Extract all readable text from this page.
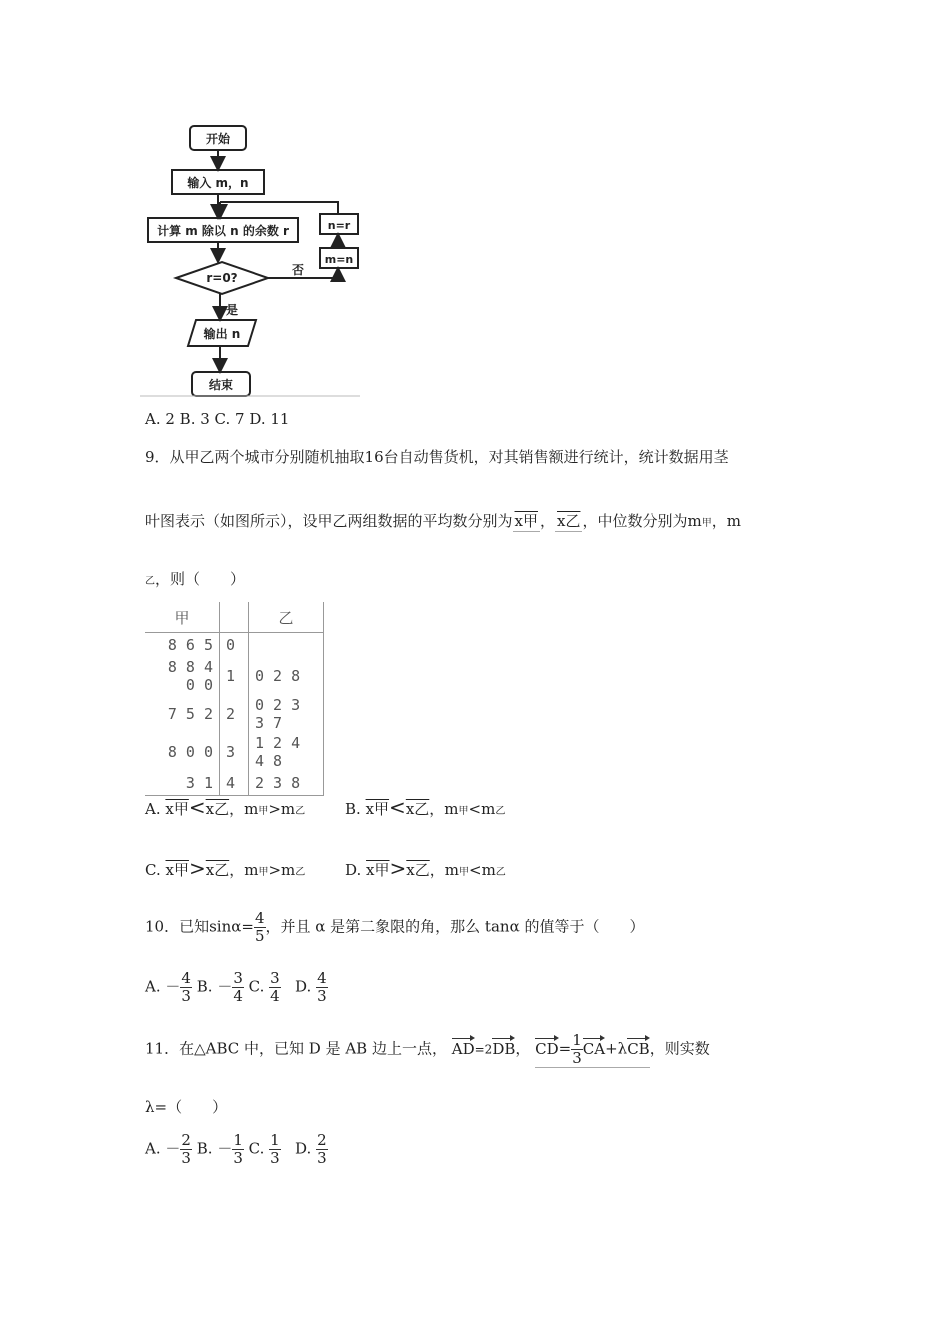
开始
输入 m，n
计算 m 除以 n 的余数 r
r=0?
是
否
输出 n
结束
n=r
m=n
A. 2 B. 3 C. 7 D. 11
9．从甲乙两个城市分别随机抽取16台自动售货机，对其销售额进行统计，统计数据用茎
叶图表示（如图所示），设甲乙两组数据的平均数分别为 x甲 ， x乙 ，中位数分别为m甲，m
乙，则（　　）
甲		乙
8 6 5	0	
8 8 4 0 0	1	0 2 8
7 5 2	2	0 2 3 3 7
8 0 0	3	1 2 4 4 8
3 1	4	2 3 8
A. x甲<x乙，m甲>m乙	B. x甲<x乙，m甲<m乙
C. x甲>x乙，m甲>m乙	D. x甲>x乙，m甲<m乙
10．已知$\sin\alpha= \frac{4}{5}$ ，并且 α 是第二象限的角，那么 tanα 的值等于（　　）
A. － $\frac{4}{3} B$. － $\frac{3}{4} C$. $\frac{3}{4} D$. $\frac{4}{3}$
11．在△ABC 中，已知 D 是 AB 边上一点， AD=2DB， $CD= \frac{1}{3} CA+\lambda CB$，则实数
λ=（　　）
A. － $\frac{2}{3} B$. － $\frac{1}{3} C$. $\frac{1}{3} D$. $\frac{2}{3}$
